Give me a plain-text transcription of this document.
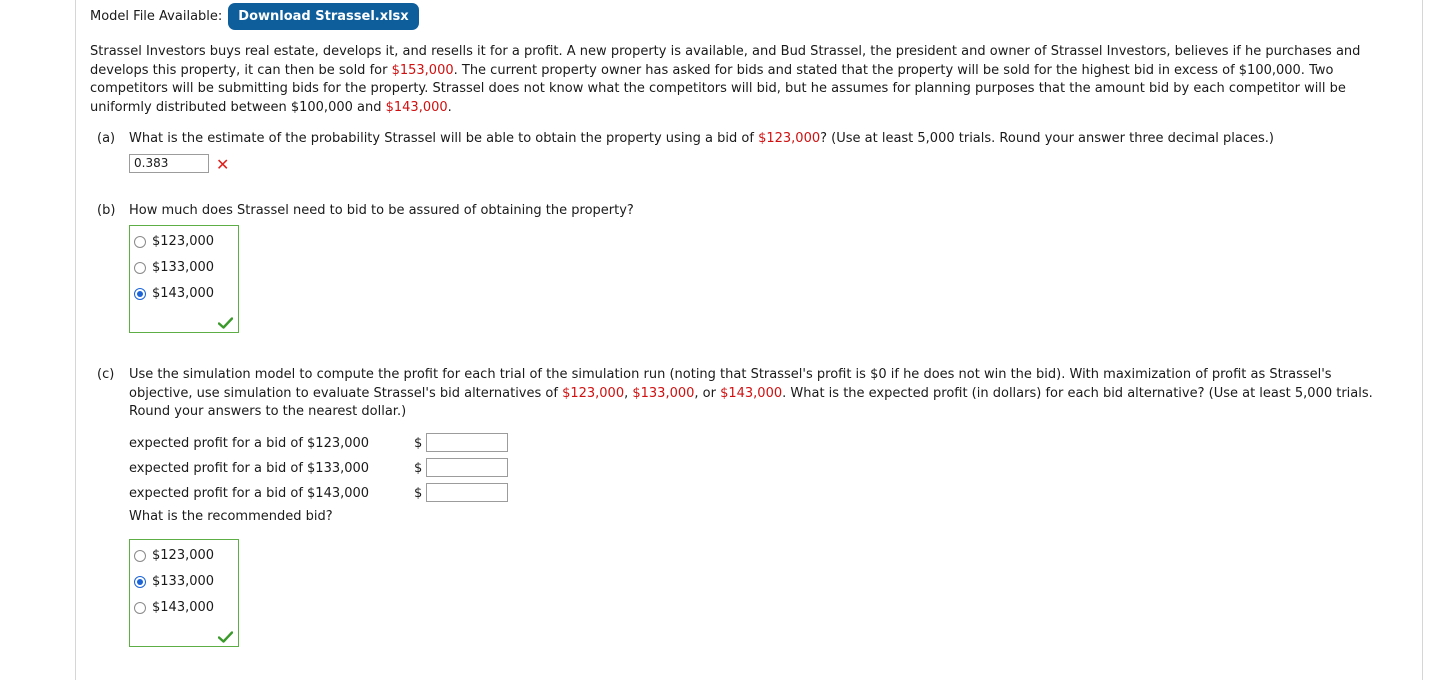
Model File Available:	Download Strassel.xlsx
Strassel Investors buys real estate, develops it, and resells it for a profit. A new property is available, and Bud Strassel, the president and owner of Strassel Investors, believes if he purchases and develops this property, it can then be sold for $153,000. The current property owner has asked for bids and stated that the property will be sold for the highest bid in excess of $100,000. Two competitors will be submitting bids for the property. Strassel does not know what the competitors will bid, but he assumes for planning purposes that the amount bid by each competitor will be uniformly distributed between $100,000 and $143,000.
(a) What is the estimate of the probability Strassel will be able to obtain the property using a bid of $123,000? (Use at least 5,000 trials. Round your answer three decimal places.)
0.383	✕
(b) How much does Strassel need to bid to be assured of obtaining the property?
$123,000
$133,000
$143,000
(c) Use the simulation model to compute the profit for each trial of the simulation run (noting that Strassel's profit is $0 if he does not win the bid). With maximization of profit as Strassel's objective, use simulation to evaluate Strassel's bid alternatives of $123,000, $133,000, or $143,000. What is the expected profit (in dollars) for each bid alternative? (Use at least 5,000 trials. Round your answers to the nearest dollar.)
expected profit for a bid of $123,000	$
expected profit for a bid of $133,000	$
expected profit for a bid of $143,000	$
What is the recommended bid?
$123,000
$133,000
$143,000
